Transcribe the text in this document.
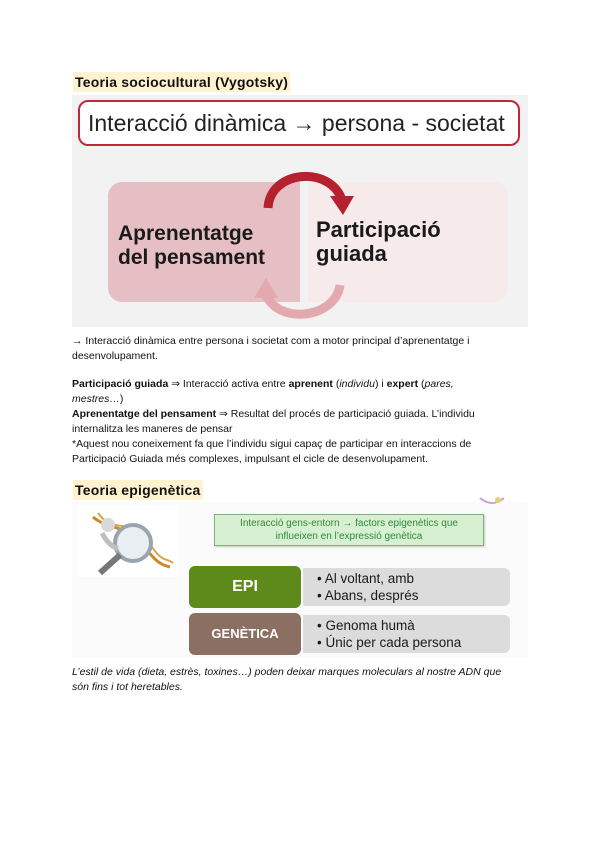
Teoria sociocultural (Vygotsky)
Interacció dinàmica → persona - societat
Aprenentatge
del pensament
Participació
guiada
→ Interacció dinàmica entre persona i societat com a motor principal d’aprenentatge i
desenvolupament.
Participació guiada ⇒ Interacció activa entre aprenent (individu) i expert (pares,
mestres…)
Aprenentatge del pensament ⇒ Resultat del procés de participació guiada. L’individu
internalitza les maneres de pensar
*Aquest nou coneixement fa que l’individu sigui capaç de participar en interaccions de
Participació Guiada més complexes, impulsant el cicle de desenvolupament.
Teoria epigenètica
Interacció gens-entorn → factors epigenètics que
influeixen en l’expressió genètica
EPI
•	Al voltant, amb
• Abans, després
GENÈTICA
• Genoma humà
• Únic per cada persona
L’estil de vida (dieta, estrès, toxines…) poden deixar marques moleculars al nostre ADN que
són fins i tot heretables.
